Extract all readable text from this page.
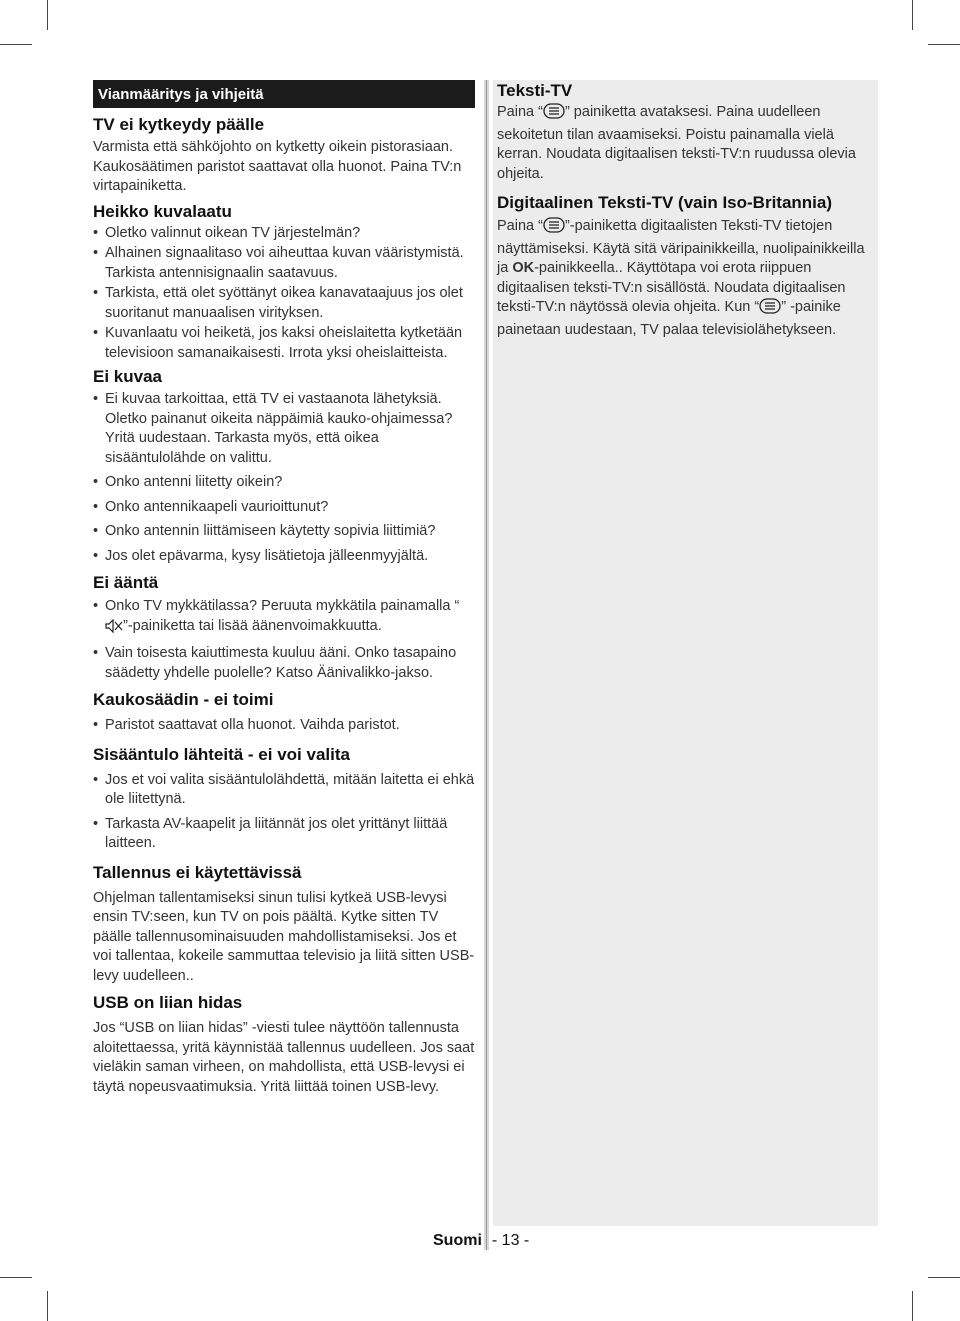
Vianmääritys ja vihjeitä
TV ei kytkeydy päälle

Varmista että sähköjohto on kytketty oikein pistorasiaan. Kaukosäätimen paristot saattavat olla huonot. Paina TV:n virtapainiketta.

Heikko kuvalaatu
• Oletko valinnut oikean TV järjestelmän?
• Alhainen signaalitaso voi aiheuttaa kuvan vääristymistä. Tarkista antennisignaalin saatavuus.
• Tarkista, että olet syöttänyt oikea kanavataajuus jos olet suoritanut manuaalisen virityksen.
• Kuvanlaatu voi heiketä, jos kaksi oheislaitetta kytketään televisioon samanaikaisesti. Irrota yksi oheislaitteista.
Ei kuvaa
• Ei kuvaa tarkoittaa, että TV ei vastaanota lähetyksiä. Oletko painanut oikeita näppäimiä kauko-ohjaimessa? Yritä uudestaan. Tarkasta myös, että oikea sisääntulolähde on valittu.
• Onko antenni liitetty oikein?
• Onko antennikaapeli vaurioittunut?
• Onko antennin liittämiseen käytetty sopivia liittimiä?
• Jos olet epävarma, kysy lisätietoja jälleenmyyjältä.
Ei ääntä
• Onko TV mykkätilassa? Peruuta mykkätila painamalla “
”-painiketta tai lisää äänenvoimakkuutta.
• Vain toisesta kaiuttimesta kuuluu ääni. Onko tasapaino säädetty yhdelle puolelle? Katso Äänivalikko-jakso.
Kaukosäädin - ei toimi
• Paristot saattavat olla huonot. Vaihda paristot.
Sisääntulo lähteitä - ei voi valita
• Jos et voi valita sisääntulolähdettä, mitään laitetta ei ehkä ole liitettynä.
• Tarkasta AV-kaapelit ja liitännät jos olet yrittänyt liittää laitteen.
Tallennus ei käytettävissä

Ohjelman tallentamiseksi sinun tulisi kytkeä USB-levysi ensin TV:seen, kun TV on pois päältä. Kytke sitten TV päälle tallennusominaisuuden mahdollistamiseksi. Jos et voi tallentaa, kokeile sammuttaa televisio ja liitä sitten USB-levy uudelleen..

USB on liian hidas

Jos “USB on liian hidas” -viesti tulee näyttöön tallennusta aloitettaessa, yritä käynnistää tallennus uudelleen. Jos saat vieläkin saman virheen, on mahdollista, että USB-levysi ei täytä nopeusvaatimuksia. Yritä liittää toinen USB-levy.

Teksti-TV

Paina “ ” painiketta avataksesi. Paina uudelleen sekoitetun tilan avaamiseksi. Poistu painamalla vielä kerran. Noudata digitaalisen teksti-TV:n ruudussa olevia ohjeita.

Digitaalinen Teksti-TV (vain Iso-Britannia)

Paina “ ”-painiketta digitaalisten Teksti-TV tietojen näyttämiseksi. Käytä sitä väripainikkeilla, nuolipainikkeilla ja OK-painikkeella.. Käyttötapa voi erota riippuen digitaalisen teksti-TV:n sisällöstä. Noudata digitaalisen teksti-TV:n näytössä olevia ohjeita. Kun “ ” -painike painetaan uudestaan, TV palaa televisiolähetykseen.

Suomi - 13 -
